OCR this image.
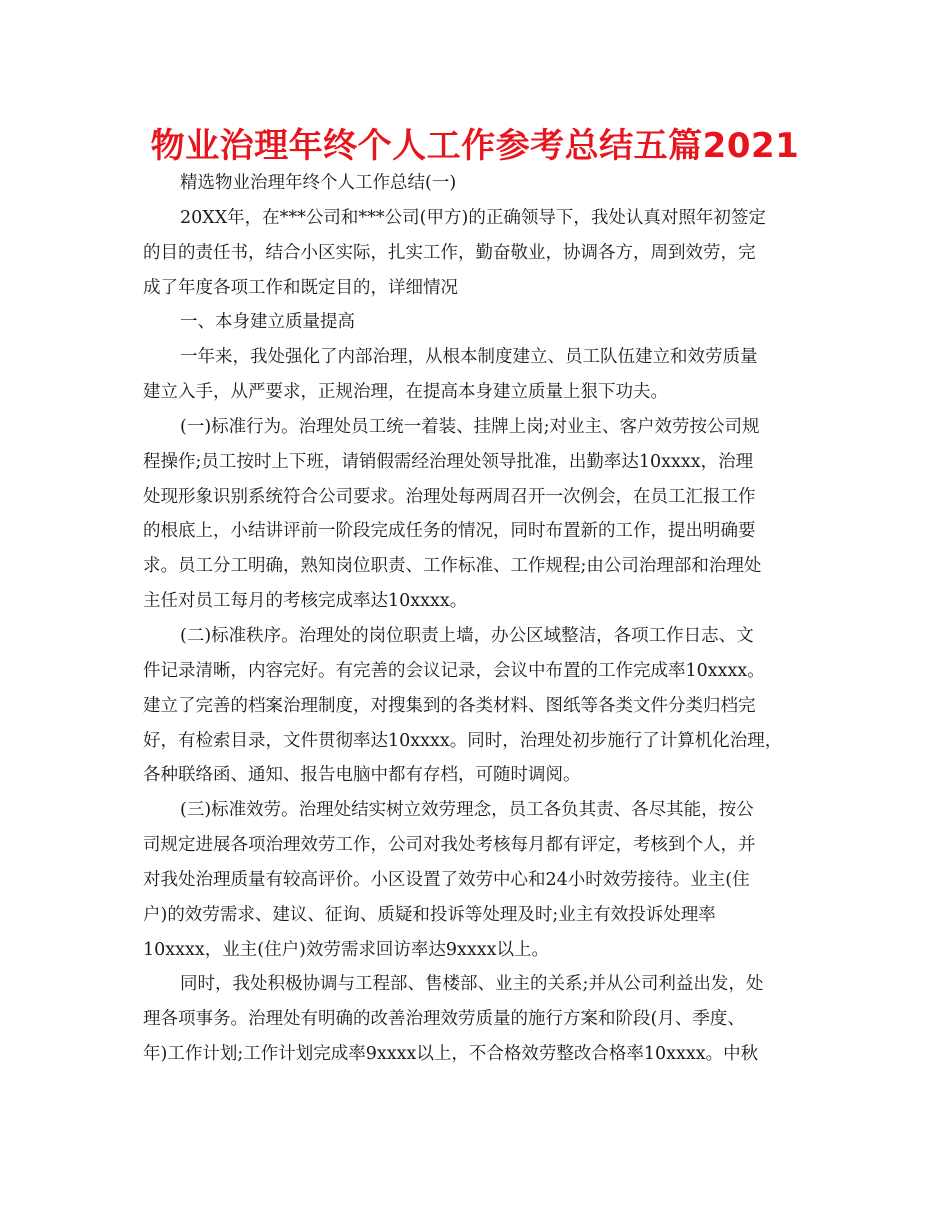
物业治理年终个人工作参考总结五篇2021

精选物业治理年终个人工作总结(一)

20XX年，在***公司和***公司(甲方)的正确领导下，我处认真对照年初签定

的目的责任书，结合小区实际，扎实工作，勤奋敬业，协调各方，周到效劳，完

成了年度各项工作和既定目的，详细情况

一、本身建立质量提高

一年来，我处强化了内部治理，从根本制度建立、员工队伍建立和效劳质量

建立入手，从严要求，正规治理，在提高本身建立质量上狠下功夫。

(一)标准行为。治理处员工统一着装、挂牌上岗;对业主、客户效劳按公司规

程操作;员工按时上下班，请销假需经治理处领导批准，出勤率达10xxxx，治理

处现形象识别系统符合公司要求。治理处每两周召开一次例会，在员工汇报工作

的根底上，小结讲评前一阶段完成任务的情况，同时布置新的工作，提出明确要

求。员工分工明确，熟知岗位职责、工作标准、工作规程;由公司治理部和治理处

主任对员工每月的考核完成率达10xxxx。

(二)标准秩序。治理处的岗位职责上墙，办公区域整洁，各项工作日志、文

件记录清晰，内容完好。有完善的会议记录，会议中布置的工作完成率10xxxx。

建立了完善的档案治理制度，对搜集到的各类材料、图纸等各类文件分类归档完

好，有检索目录，文件贯彻率达10xxxx。同时，治理处初步施行了计算机化治理，

各种联络函、通知、报告电脑中都有存档，可随时调阅。

(三)标准效劳。治理处结实树立效劳理念，员工各负其责、各尽其能，按公

司规定进展各项治理效劳工作，公司对我处考核每月都有评定，考核到个人，并

对我处治理质量有较高评价。小区设置了效劳中心和24小时效劳接待。业主(住

户)的效劳需求、建议、征询、质疑和投诉等处理及时;业主有效投诉处理率

10xxxx，业主(住户)效劳需求回访率达9xxxx以上。

同时，我处积极协调与工程部、售楼部、业主的关系;并从公司利益出发，处

理各项事务。治理处有明确的改善治理效劳质量的施行方案和阶段(月、季度、

年)工作计划;工作计划完成率9xxxx以上，不合格效劳整改合格率10xxxx。中秋
